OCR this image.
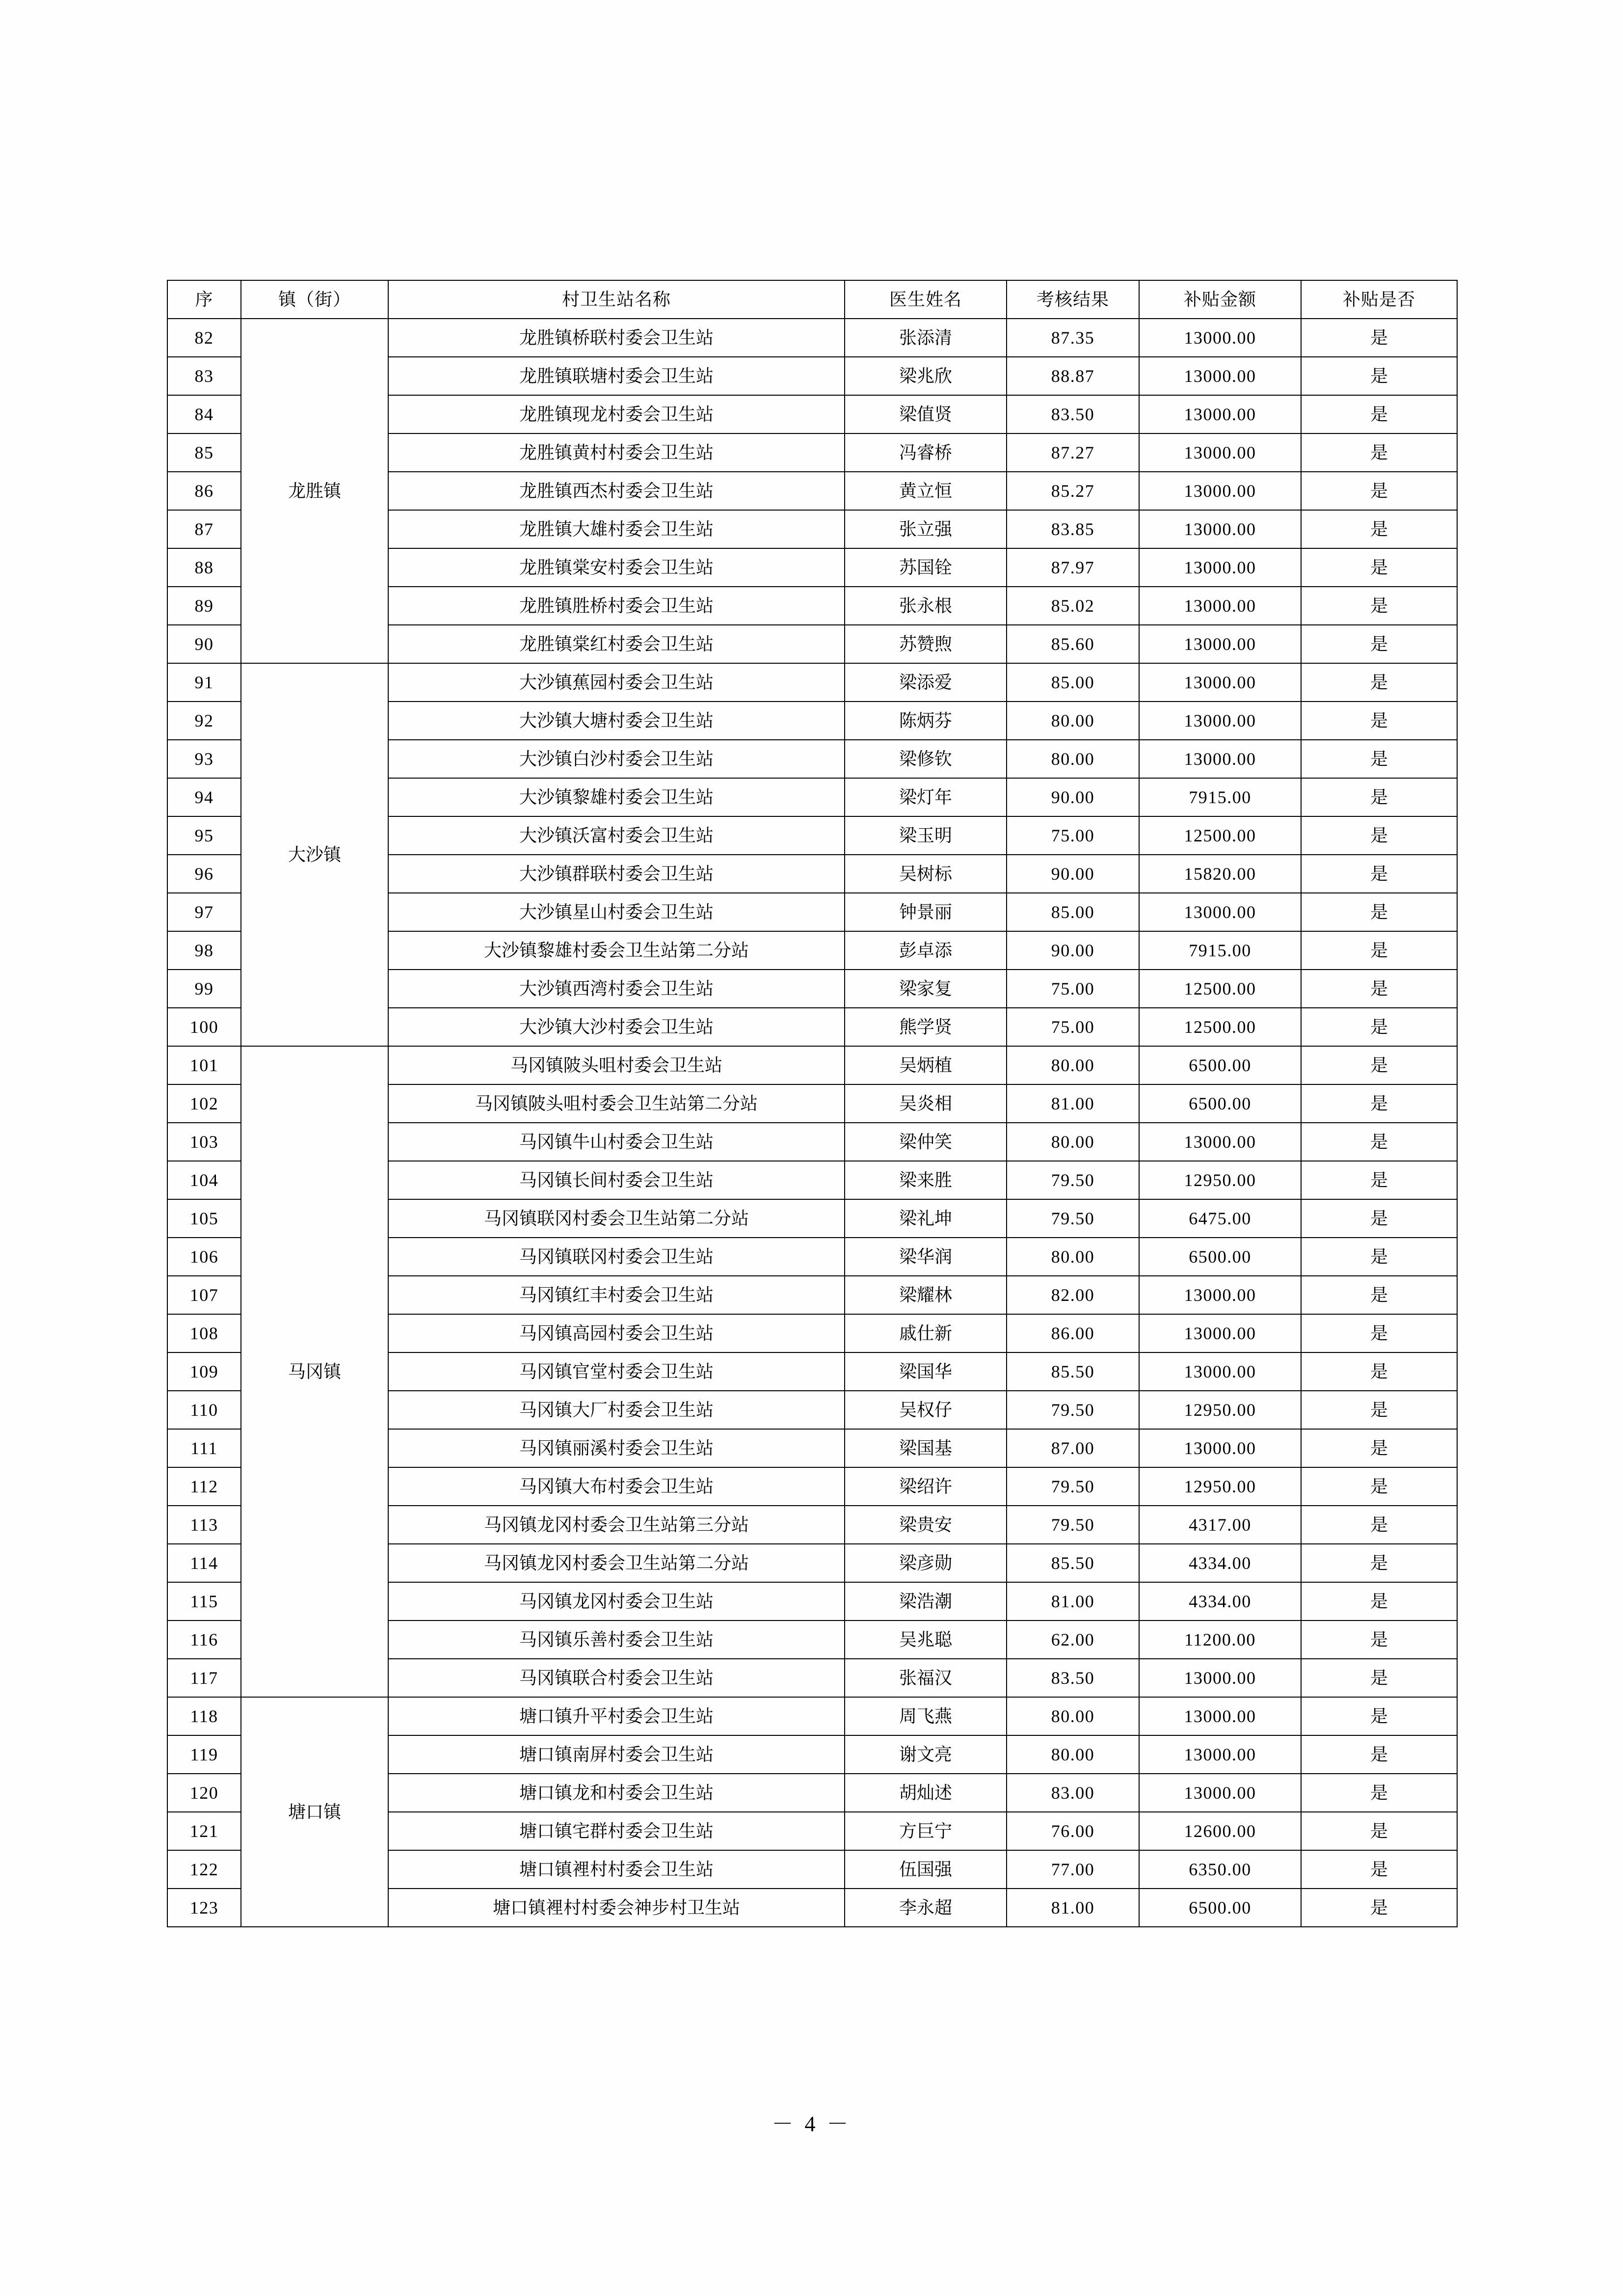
序	镇（街）	村卫生站名称	医生姓名	考核结果	补贴金额	补贴是否
82	龙胜镇	龙胜镇桥联村委会卫生站	张添清	87.35	13000.00	是
83		龙胜镇联塘村委会卫生站	梁兆欣	88.87	13000.00	是
84		龙胜镇现龙村委会卫生站	梁值贤	83.50	13000.00	是
85		龙胜镇黄村村委会卫生站	冯睿桥	87.27	13000.00	是
86		龙胜镇西杰村委会卫生站	黄立恒	85.27	13000.00	是
87		龙胜镇大雄村委会卫生站	张立强	83.85	13000.00	是
88		龙胜镇棠安村委会卫生站	苏国铨	87.97	13000.00	是
89		龙胜镇胜桥村委会卫生站	张永根	85.02	13000.00	是
90		龙胜镇棠红村委会卫生站	苏赞煦	85.60	13000.00	是
91	大沙镇	大沙镇蕉园村委会卫生站	梁添爱	85.00	13000.00	是
92		大沙镇大塘村委会卫生站	陈炳芬	80.00	13000.00	是
93		大沙镇白沙村委会卫生站	梁修钦	80.00	13000.00	是
94		大沙镇黎雄村委会卫生站	梁灯年	90.00	7915.00	是
95		大沙镇沃富村委会卫生站	梁玉明	75.00	12500.00	是
96		大沙镇群联村委会卫生站	吴树标	90.00	15820.00	是
97		大沙镇星山村委会卫生站	钟景丽	85.00	13000.00	是
98		大沙镇黎雄村委会卫生站第二分站	彭卓添	90.00	7915.00	是
99		大沙镇西湾村委会卫生站	梁家复	75.00	12500.00	是
100		大沙镇大沙村委会卫生站	熊学贤	75.00	12500.00	是
101	马冈镇	马冈镇陂头咀村委会卫生站	吴炳植	80.00	6500.00	是
102		马冈镇陂头咀村委会卫生站第二分站	吴炎相	81.00	6500.00	是
103		马冈镇牛山村委会卫生站	梁仲笑	80.00	13000.00	是
104		马冈镇长间村委会卫生站	梁来胜	79.50	12950.00	是
105		马冈镇联冈村委会卫生站第二分站	梁礼坤	79.50	6475.00	是
106		马冈镇联冈村委会卫生站	梁华润	80.00	6500.00	是
107		马冈镇红丰村委会卫生站	梁耀林	82.00	13000.00	是
108		马冈镇高园村委会卫生站	戚仕新	86.00	13000.00	是
109		马冈镇官堂村委会卫生站	梁国华	85.50	13000.00	是
110		马冈镇大厂村委会卫生站	吴权仔	79.50	12950.00	是
111		马冈镇丽溪村委会卫生站	梁国基	87.00	13000.00	是
112		马冈镇大布村委会卫生站	梁绍许	79.50	12950.00	是
113		马冈镇龙冈村委会卫生站第三分站	梁贵安	79.50	4317.00	是
114		马冈镇龙冈村委会卫生站第二分站	梁彦勋	85.50	4334.00	是
115		马冈镇龙冈村委会卫生站	梁浩潮	81.00	4334.00	是
116		马冈镇乐善村委会卫生站	吴兆聪	62.00	11200.00	是
117		马冈镇联合村委会卫生站	张福汉	83.50	13000.00	是
118	塘口镇	塘口镇升平村委会卫生站	周飞燕	80.00	13000.00	是
119		塘口镇南屏村委会卫生站	谢文亮	80.00	13000.00	是
120		塘口镇龙和村委会卫生站	胡灿述	83.00	13000.00	是
121		塘口镇宅群村委会卫生站	方巨宁	76.00	12600.00	是
122		塘口镇裡村村委会卫生站	伍国强	77.00	6350.00	是
123		塘口镇裡村村委会神步村卫生站	李永超	81.00	6500.00	是
－ 4 －
